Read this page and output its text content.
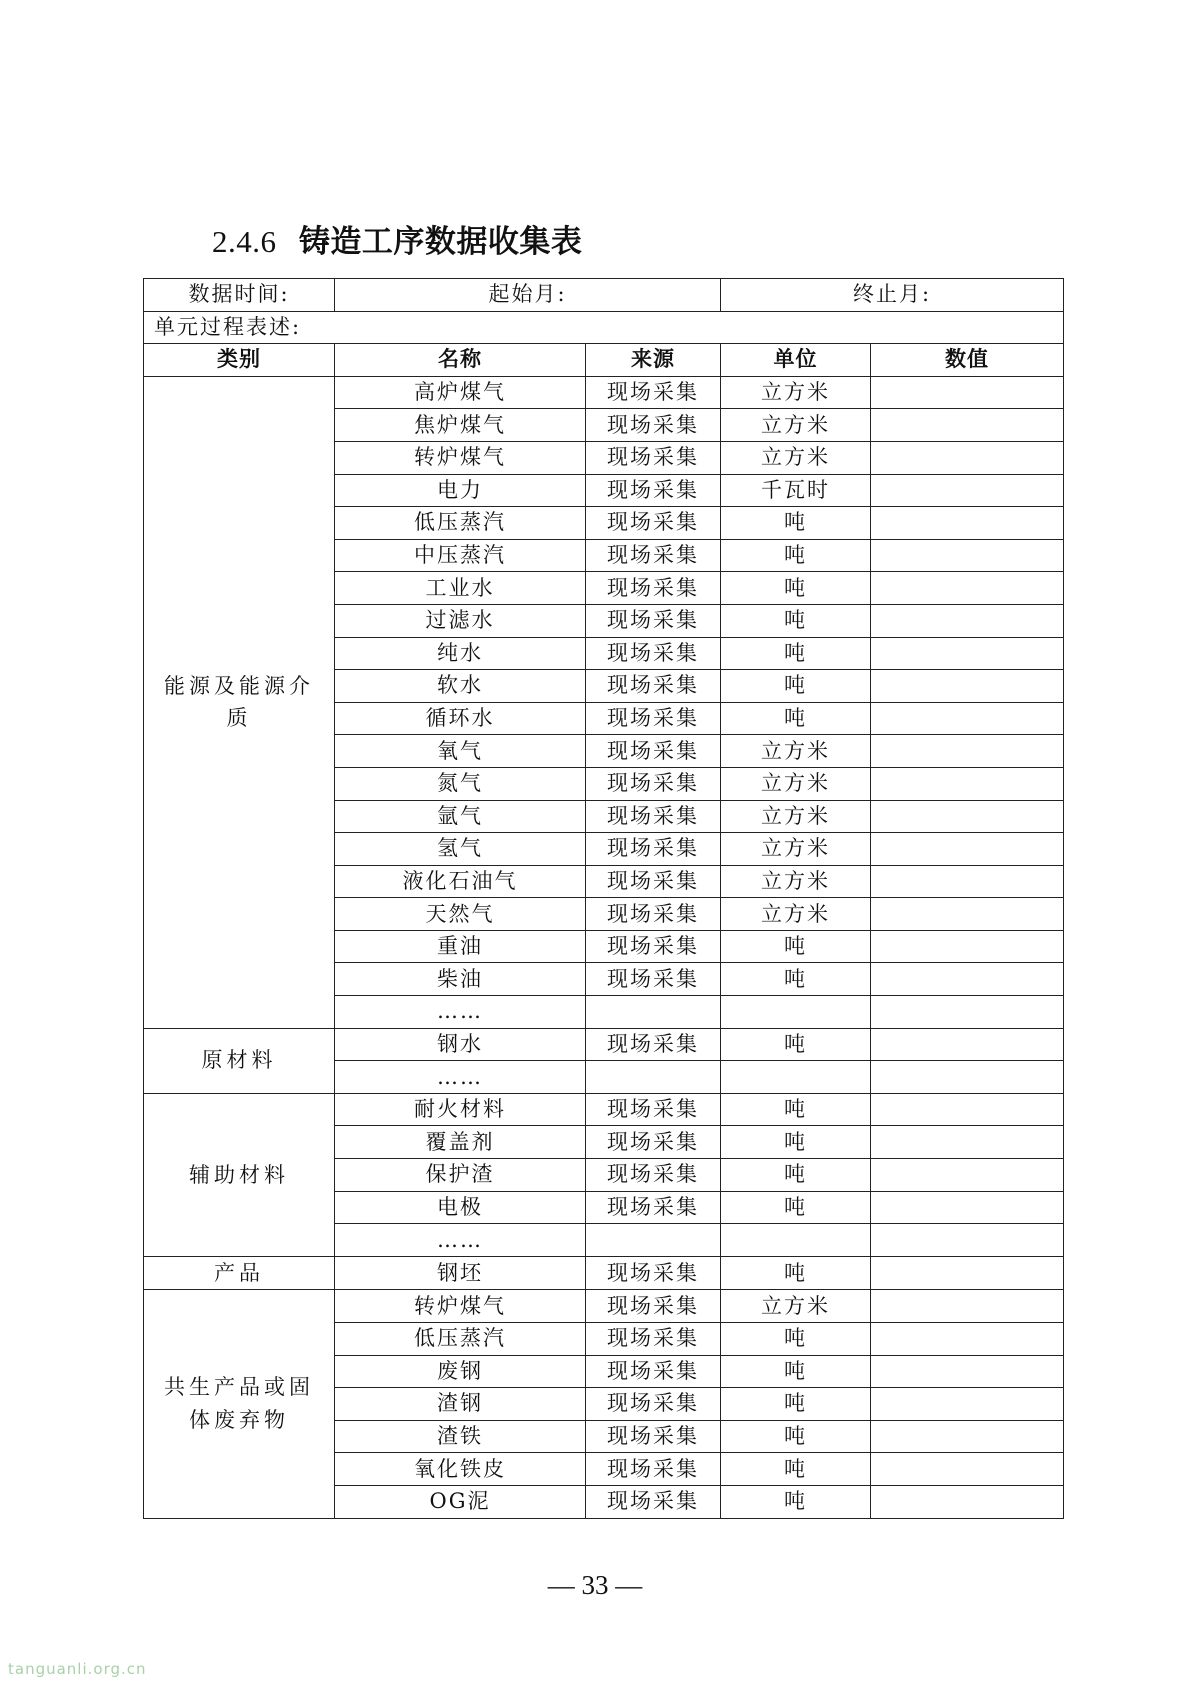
2.4.6 铸造工序数据收集表
数据时间:	起始月:		终止月:	
单元过程表述:				
类别	名称	来源	单位	数值
能源及能源介质	高炉煤气	现场采集	立方米	
	焦炉煤气	现场采集	立方米	
	转炉煤气	现场采集	立方米	
	电力	现场采集	千瓦时	
	低压蒸汽	现场采集	吨	
	中压蒸汽	现场采集	吨	
	工业水	现场采集	吨	
	过滤水	现场采集	吨	
	纯水	现场采集	吨	
	软水	现场采集	吨	
	循环水	现场采集	吨	
	氧气	现场采集	立方米	
	氮气	现场采集	立方米	
	氩气	现场采集	立方米	
	氢气	现场采集	立方米	
	液化石油气	现场采集	立方米	
	天然气	现场采集	立方米	
	重油	现场采集	吨	
	柴油	现场采集	吨	
	……			
原材料	钢水	现场采集	吨	
	……			
辅助材料	耐火材料	现场采集	吨	
	覆盖剂	现场采集	吨	
	保护渣	现场采集	吨	
	电极	现场采集	吨	
	……			
产品	钢坯	现场采集	吨	
共生产品或固体废弃物	转炉煤气	现场采集	立方米	
	低压蒸汽	现场采集	吨	
	废钢	现场采集	吨	
	渣钢	现场采集	吨	
	渣铁	现场采集	吨	
	氧化铁皮	现场采集	吨	
	OG泥	现场采集	吨	
— 33 —
tanguanli.org.cn
